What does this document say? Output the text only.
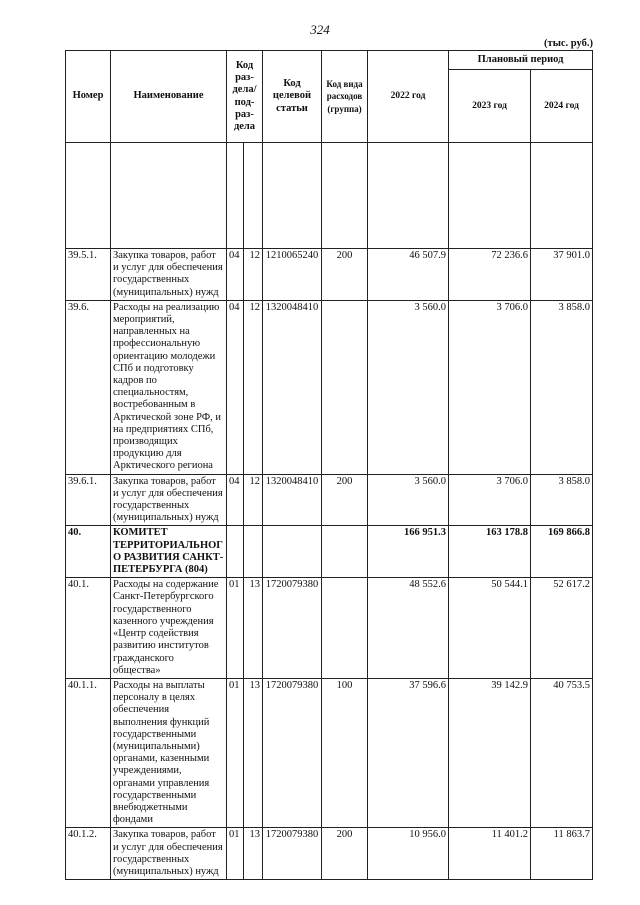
324
(тыс. руб.)
Номер	Наименование	Код раз-дела/ под-раз-дела		Код целевой статьи	Код вида расходов (группа)	2022 год	Плановый период	
							2023 год	2024 год

39.5.1.	Закупка товаров, работ и услуг для обеспечения государственных (муниципальных) нужд	04	12	1210065240	200	46 507.9	72 236.6	37 901.0
39.6.	Расходы на реализацию мероприятий, направленных на профессиональную ориентацию молодежи СПб и подготовку кадров по специальностям, востребованным в Арктической зоне РФ, и на предприятиях СПб, производящих продукцию для Арктического региона	04	12	1320048410		3 560.0	3 706.0	3 858.0
39.6.1.	Закупка товаров, работ и услуг для обеспечения государственных (муниципальных) нужд	04	12	1320048410	200	3 560.0	3 706.0	3 858.0
40.	КОМИТЕТ ТЕРРИТОРИАЛЬНОГ О РАЗВИТИЯ САНКТ-ПЕТЕРБУРГА (804)					166 951.3	163 178.8	169 866.8
40.1.	Расходы на содержание Санкт-Петербургского государственного казенного учреждения «Центр содействия развитию институтов гражданского общества»	01	13	1720079380		48 552.6	50 544.1	52 617.2
40.1.1.	Расходы на выплаты персоналу в целях обеспечения выполнения функций государственными (муниципальными) органами, казенными учреждениями, органами управления государственными внебюджетными фондами	01	13	1720079380	100	37 596.6	39 142.9	40 753.5
40.1.2.	Закупка товаров, работ и услуг для обеспечения государственных (муниципальных) нужд	01	13	1720079380	200	10 956.0	11 401.2	11 863.7
